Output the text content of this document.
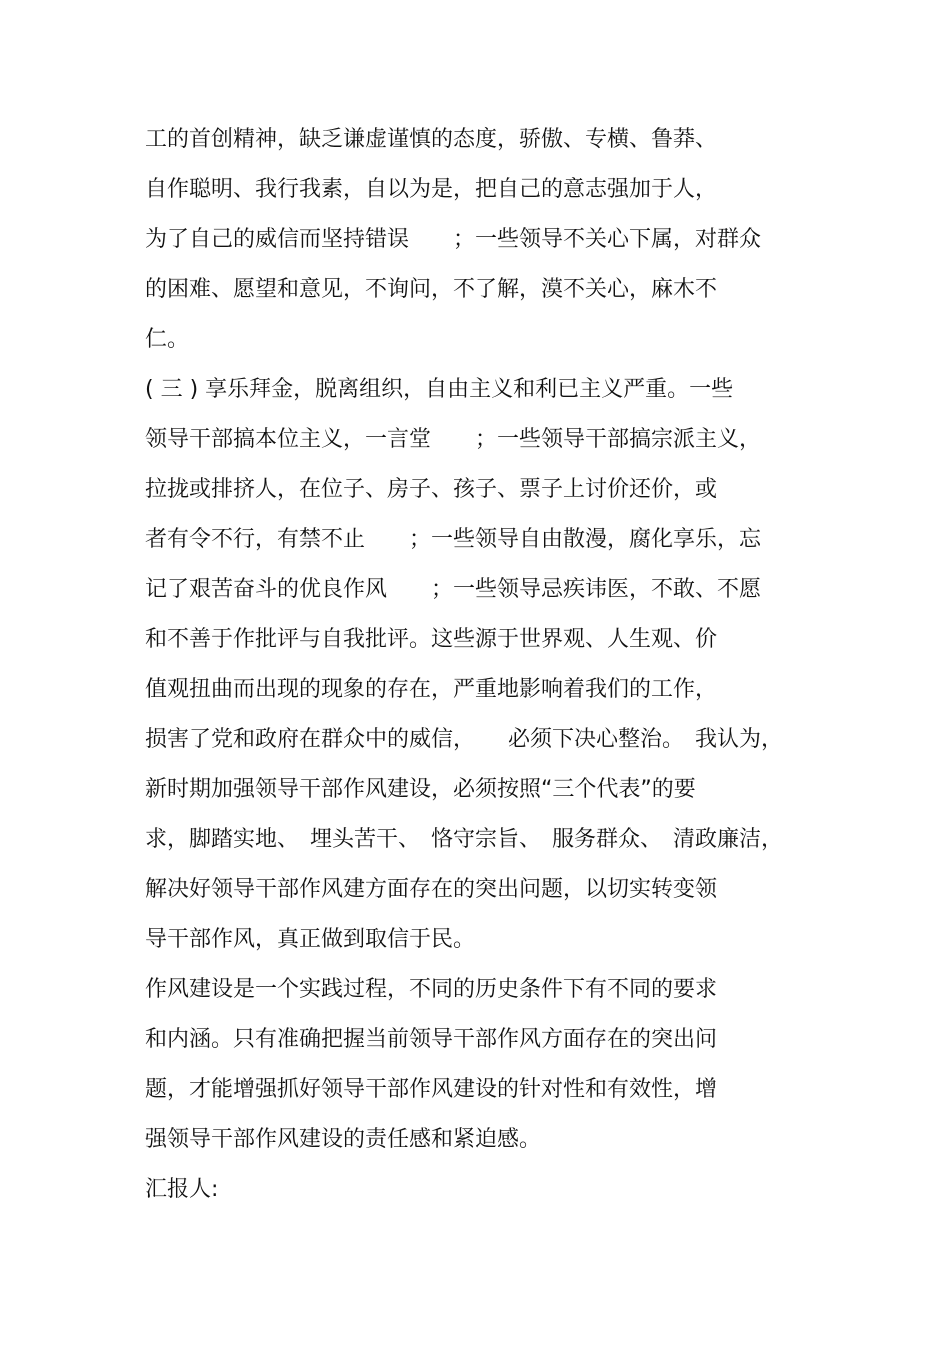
工的首创精神，缺乏谦虚谨慎的态度，骄傲、专横、鲁莽、

自作聪明、我行我素，自以为是，把自己的意志强加于人，

为了自己的威信而坚持错误　　；一些领导不关心下属，对群众

的困难、愿望和意见，不询问，不了解，漠不关心，麻木不

仁。

( 三 ) 享乐拜金，脱离组织，自由主义和利已主义严重。一些

领导干部搞本位主义，一言堂　　；一些领导干部搞宗派主义，

拉拢或排挤人，在位子、房子、孩子、票子上讨价还价，或

者有令不行，有禁不止　　；一些领导自由散漫，腐化享乐，忘

记了艰苦奋斗的优良作风　　；一些领导忌疾讳医，不敢、不愿

和不善于作批评与自我批评。这些源于世界观、人生观、价

值观扭曲而出现的现象的存在，严重地影响着我们的工作，

损害了党和政府在群众中的威信，　　必须下决心整治。　我认为，

新时期加强领导干部作风建设，必须按照“三个代表”的要

求，脚踏实地、　埋头苦干、　恪守宗旨、　服务群众、　清政廉洁，

解决好领导干部作风建方面存在的突出问题，以切实转变领

导干部作风，真正做到取信于民。

作风建设是一个实践过程，不同的历史条件下有不同的要求

和内涵。只有准确把握当前领导干部作风方面存在的突出问

题，才能增强抓好领导干部作风建设的针对性和有效性，增

强领导干部作风建设的责任感和紧迫感。

汇报人:
